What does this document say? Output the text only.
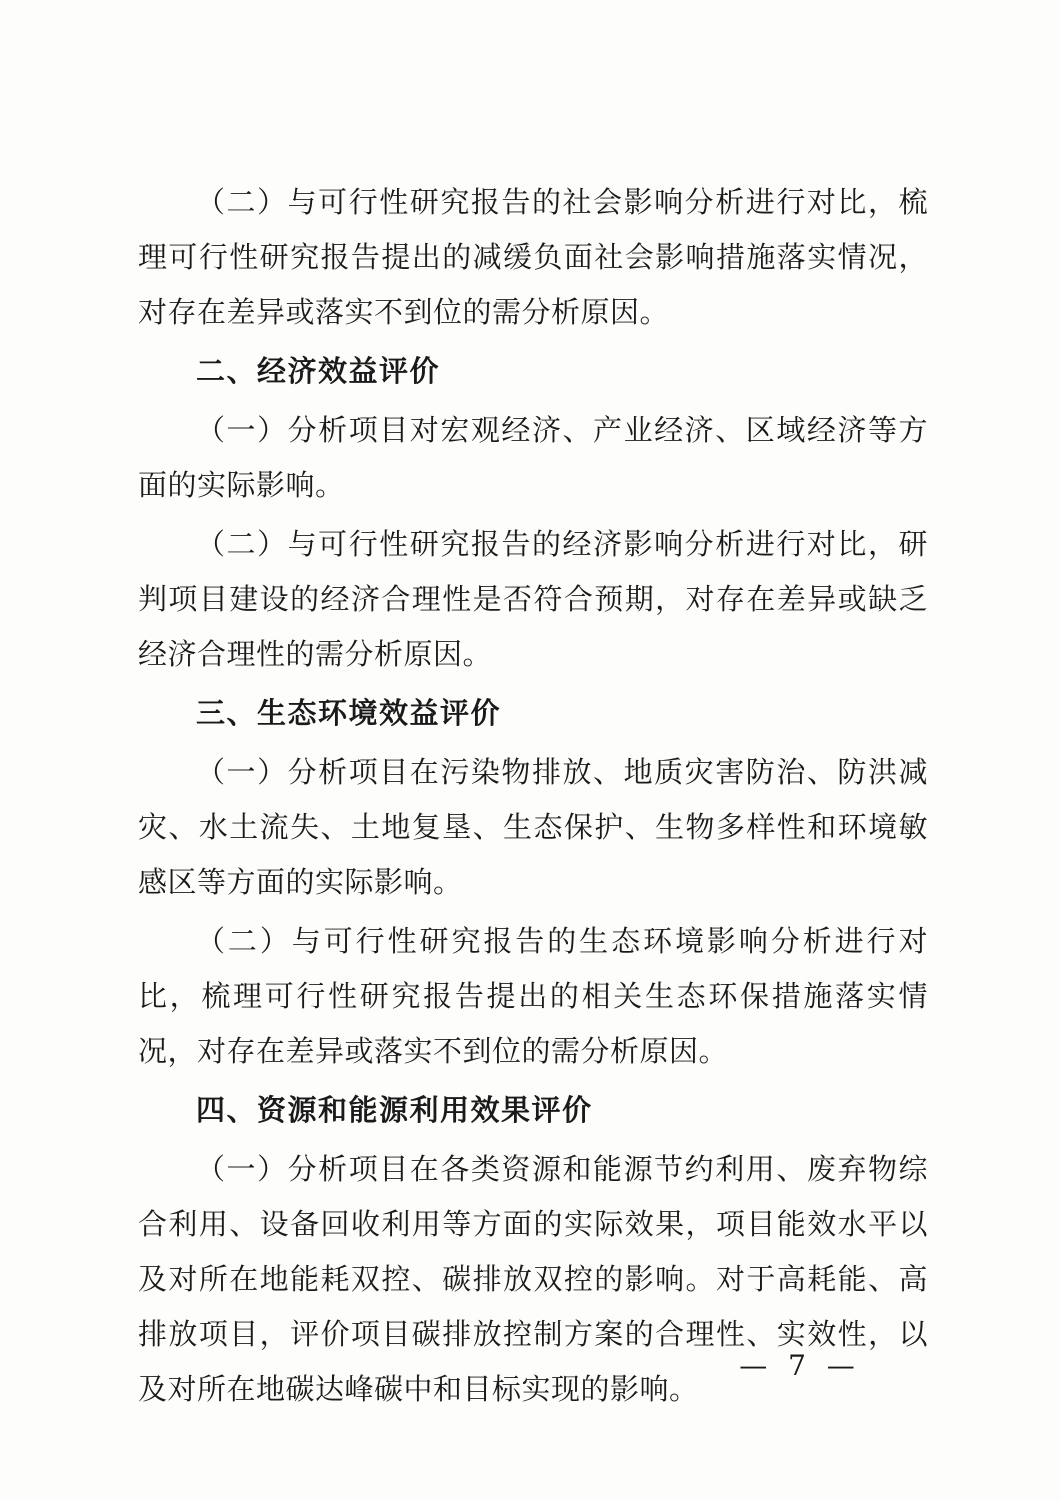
（二）与可行性研究报告的社会影响分析进行对比，梳理可行性研究报告提出的减缓负面社会影响措施落实情况，对存在差异或落实不到位的需分析原因。

二、经济效益评价

（一）分析项目对宏观经济、产业经济、区域经济等方面的实际影响。

（二）与可行性研究报告的经济影响分析进行对比，研判项目建设的经济合理性是否符合预期，对存在差异或缺乏经济合理性的需分析原因。

三、生态环境效益评价

（一）分析项目在污染物排放、地质灾害防治、防洪减灾、水土流失、土地复垦、生态保护、生物多样性和环境敏感区等方面的实际影响。

（二）与可行性研究报告的生态环境影响分析进行对比，梳理可行性研究报告提出的相关生态环保措施落实情况，对存在差异或落实不到位的需分析原因。

四、资源和能源利用效果评价

（一）分析项目在各类资源和能源节约利用、废弃物综合利用、设备回收利用等方面的实际效果，项目能效水平以及对所在地能耗双控、碳排放双控的影响。对于高耗能、高排放项目，评价项目碳排放控制方案的合理性、实效性，以及对所在地碳达峰碳中和目标实现的影响。

— 7 —
